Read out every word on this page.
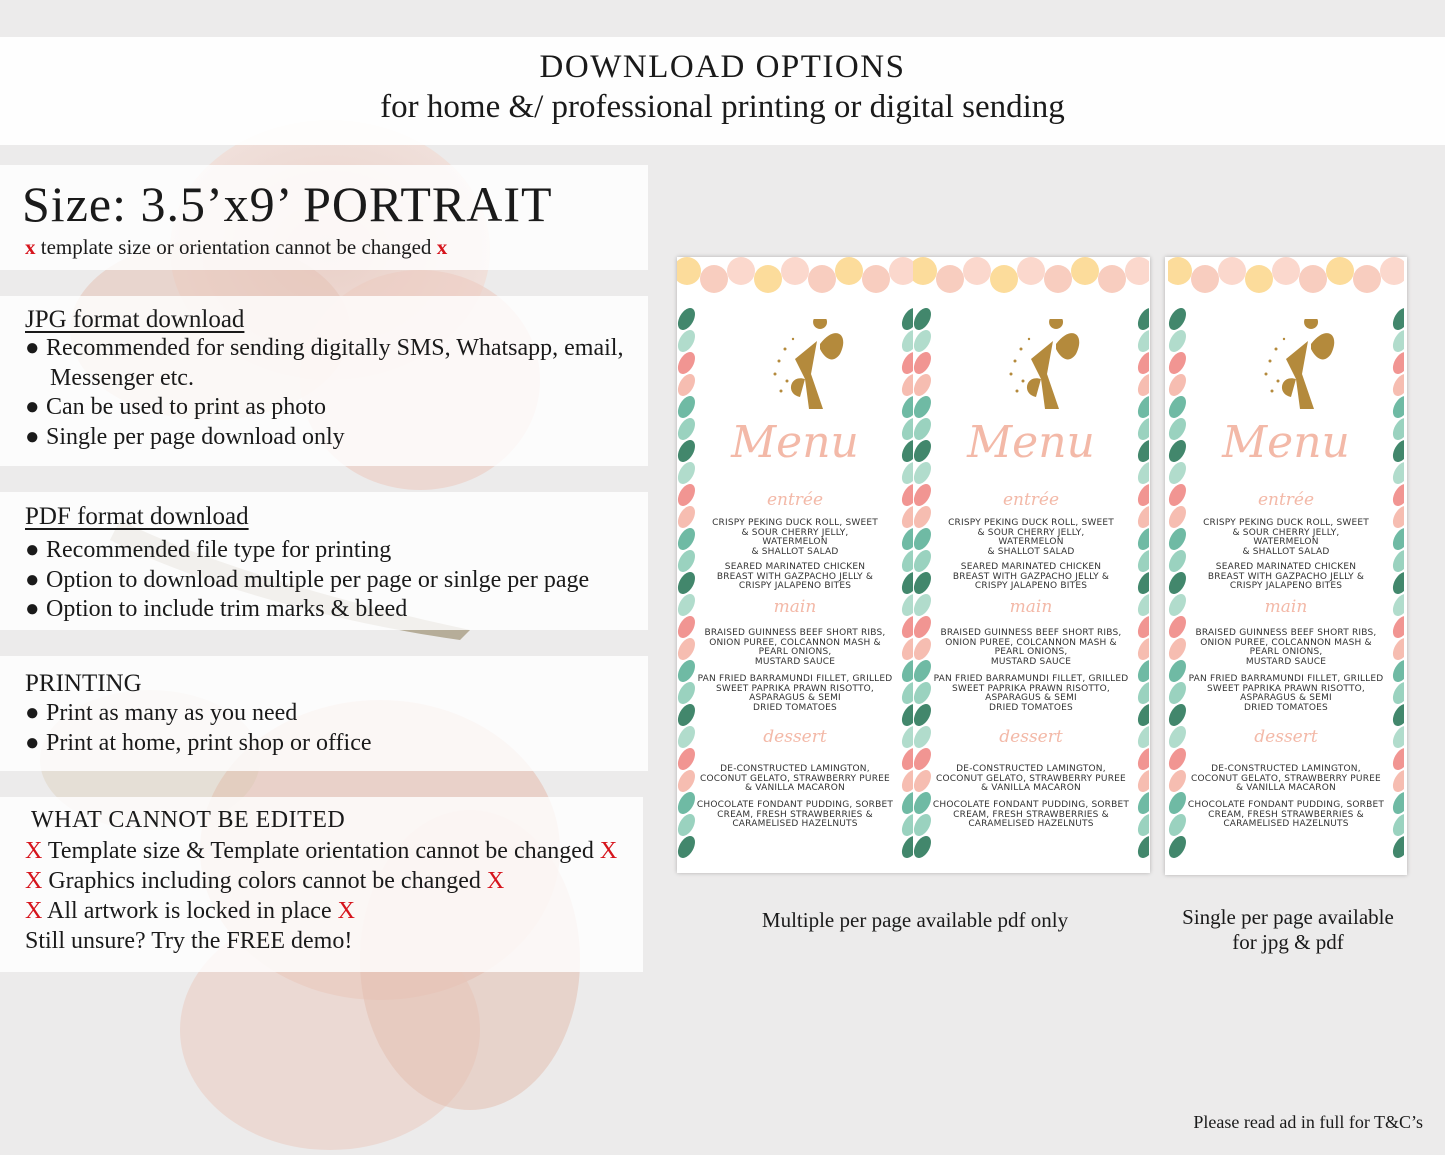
DOWNLOAD OPTIONS
for home &/ professional printing or digital sending
Size: 3.5’x9’ PORTRAIT
x template size or orientation cannot be changed x
JPG format download
● Recommended for sending digitally SMS, Whatsapp, email,
Messenger etc.
● Can be used to print as photo
● Single per page download only
PDF format download
● Recommended file type for printing
● Option to download multiple per page or sinlge per page
● Option to include trim marks & bleed
PRINTING
● Print as many as you need
● Print at home, print shop or office
WHAT CANNOT BE EDITED
X Template size & Template orientation cannot be changed X
X Graphics including colors cannot be changed X
X All artwork is locked in place X
Still unsure? Try the FREE demo!
Menu
entrée
main
dessert
CRISPY PEKING DUCK ROLL, SWEET
& SOUR CHERRY JELLY,
WATERMELON
& SHALLOT SALAD
SEARED MARINATED CHICKEN
BREAST WITH GAZPACHO JELLY &
CRISPY JALAPENO BITES
BRAISED GUINNESS BEEF SHORT RIBS,
ONION PUREE, COLCANNON MASH &
PEARL ONIONS,
MUSTARD SAUCE
PAN FRIED BARRAMUNDI FILLET, GRILLED
SWEET PAPRIKA PRAWN RISOTTO,
ASPARAGUS & SEMI
DRIED TOMATOES
DE-CONSTRUCTED LAMINGTON,
COCONUT GELATO, STRAWBERRY PUREE
& VANILLA MACARON
CHOCOLATE FONDANT PUDDING, SORBET
CREAM, FRESH STRAWBERRIES &
CARAMELISED HAZELNUTS
Menu
entrée
main
dessert
CRISPY PEKING DUCK ROLL, SWEET
& SOUR CHERRY JELLY,
WATERMELON
& SHALLOT SALAD
SEARED MARINATED CHICKEN
BREAST WITH GAZPACHO JELLY &
CRISPY JALAPENO BITES
BRAISED GUINNESS BEEF SHORT RIBS,
ONION PUREE, COLCANNON MASH &
PEARL ONIONS,
MUSTARD SAUCE
PAN FRIED BARRAMUNDI FILLET, GRILLED
SWEET PAPRIKA PRAWN RISOTTO,
ASPARAGUS & SEMI
DRIED TOMATOES
DE-CONSTRUCTED LAMINGTON,
COCONUT GELATO, STRAWBERRY PUREE
& VANILLA MACARON
CHOCOLATE FONDANT PUDDING, SORBET
CREAM, FRESH STRAWBERRIES &
CARAMELISED HAZELNUTS
Menu
entrée
main
dessert
CRISPY PEKING DUCK ROLL, SWEET
& SOUR CHERRY JELLY,
WATERMELON
& SHALLOT SALAD
SEARED MARINATED CHICKEN
BREAST WITH GAZPACHO JELLY &
CRISPY JALAPENO BITES
BRAISED GUINNESS BEEF SHORT RIBS,
ONION PUREE, COLCANNON MASH &
PEARL ONIONS,
MUSTARD SAUCE
PAN FRIED BARRAMUNDI FILLET, GRILLED
SWEET PAPRIKA PRAWN RISOTTO,
ASPARAGUS & SEMI
DRIED TOMATOES
DE-CONSTRUCTED LAMINGTON,
COCONUT GELATO, STRAWBERRY PUREE
& VANILLA MACARON
CHOCOLATE FONDANT PUDDING, SORBET
CREAM, FRESH STRAWBERRIES &
CARAMELISED HAZELNUTS
Multiple per page available pdf only	Single per page available
for jpg & pdf
Please read ad in full for T&C’s
